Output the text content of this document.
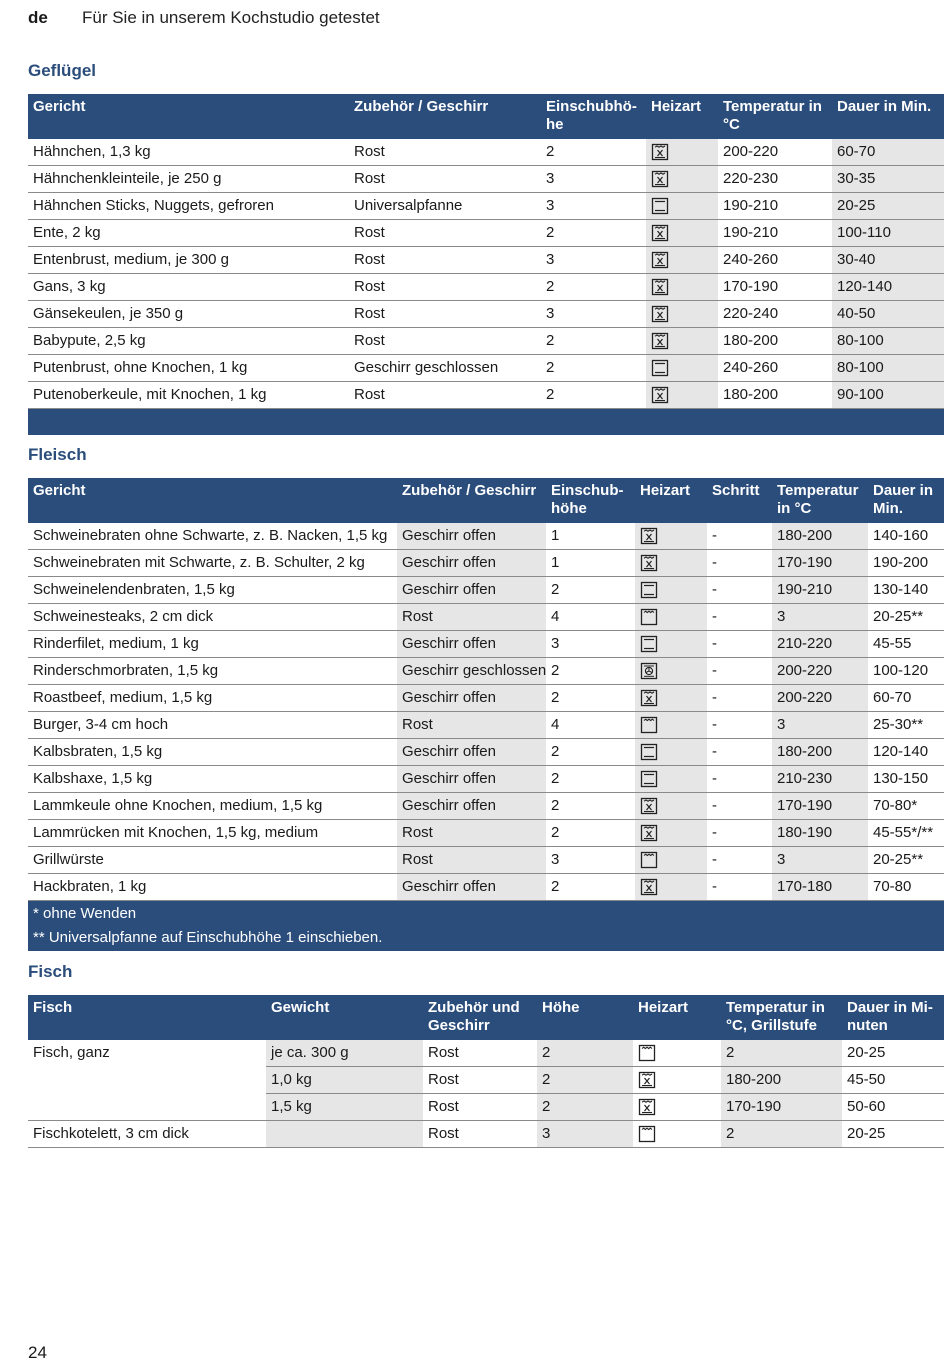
de	Für Sie in unserem Kochstudio getestet
Geflügel
Gericht	Zubehör / Geschirr	Einschubhö-he	Heizart	Temperatur in °C	Dauer in Min.
Hähnchen, 1,3 kg	Rost	2		200-220	60-70
Hähnchenkleinteile, je 250 g	Rost	3		220-230	30-35
Hähnchen Sticks, Nuggets, gefroren	Universalpfanne	3		190-210	20-25
Ente, 2 kg	Rost	2		190-210	100-110
Entenbrust, medium, je 300 g	Rost	3		240-260	30-40
Gans, 3 kg	Rost	2		170-190	120-140
Gänsekeulen, je 350 g	Rost	3		220-240	40-50
Babypute, 2,5 kg	Rost	2		180-200	80-100
Putenbrust, ohne Knochen, 1 kg	Geschirr geschlossen	2		240-260	80-100
Putenoberkeule, mit Knochen, 1 kg	Rost	2		180-200	90-100

Fleisch
Gericht	Zubehör / Geschirr	Einschub-höhe	Heizart	Schritt	Temperatur in °C	Dauer in Min.
Schweinebraten ohne Schwarte, z. B. Nacken, 1,5 kg	Geschirr offen	1		-	180-200	140-160
Schweinebraten mit Schwarte, z. B. Schulter, 2 kg	Geschirr offen	1		-	170-190	190-200
Schweinelendenbraten, 1,5 kg	Geschirr offen	2		-	190-210	130-140
Schweinesteaks, 2 cm dick	Rost	4		-	3	20-25**
Rinderfilet, medium, 1 kg	Geschirr offen	3		-	210-220	45-55
Rinderschmorbraten, 1,5 kg	Geschirr geschlossen	2		-	200-220	100-120
Roastbeef, medium, 1,5 kg	Geschirr offen	2		-	200-220	60-70
Burger, 3-4 cm hoch	Rost	4		-	3	25-30**
Kalbsbraten, 1,5 kg	Geschirr offen	2		-	180-200	120-140
Kalbshaxe, 1,5 kg	Geschirr offen	2		-	210-230	130-150
Lammkeule ohne Knochen, medium, 1,5 kg	Geschirr offen	2		-	170-190	70-80*
Lammrücken mit Knochen, 1,5 kg, medium	Rost	2		-	180-190	45-55*/**
Grillwürste	Rost	3		-	3	20-25**
Hackbraten, 1 kg	Geschirr offen	2		-	170-180	70-80

* ohne Wenden
** Universalpfanne auf Einschubhöhe 1 einschieben.						
Fisch
Fisch	Gewicht	Zubehör und Geschirr	Höhe	Heizart	Temperatur in °C, Grillstufe	Dauer in Mi-nuten
Fisch, ganz	je ca. 300 g	Rost	2		2	20-25
	1,0 kg	Rost	2		180-200	45-50
	1,5 kg	Rost	2		170-190	50-60
Fischkotelett, 3 cm dick		Rost	3		2	20-25
24
